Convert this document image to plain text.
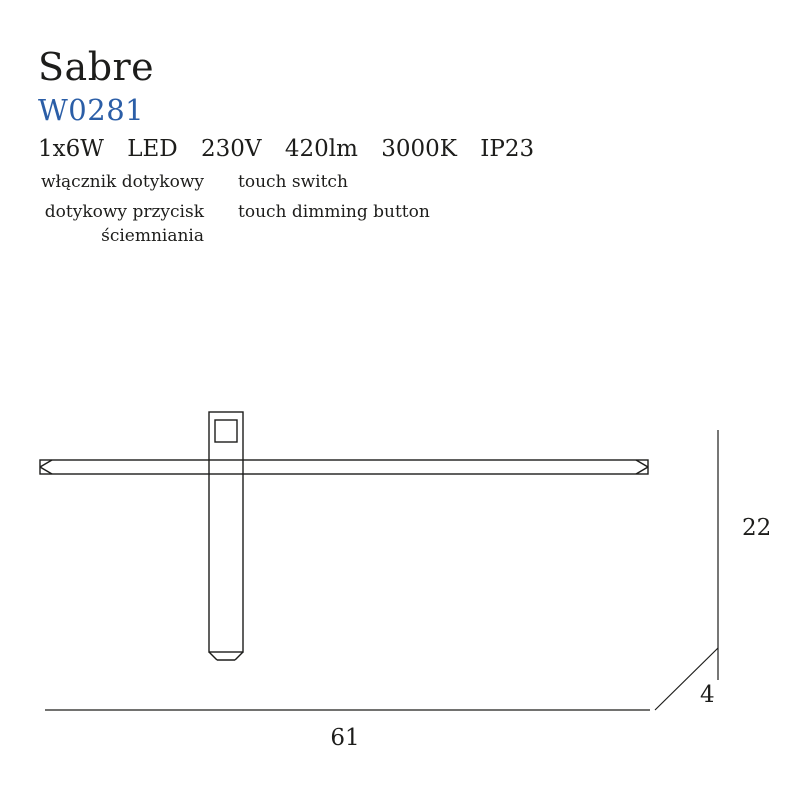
Sabre
W0281
1x6W LED 230V 420lm 3000K IP23
włącznik dotykowy	touch switch
dotykowy przycisk ściemniania
touch dimming button
61
22
4
